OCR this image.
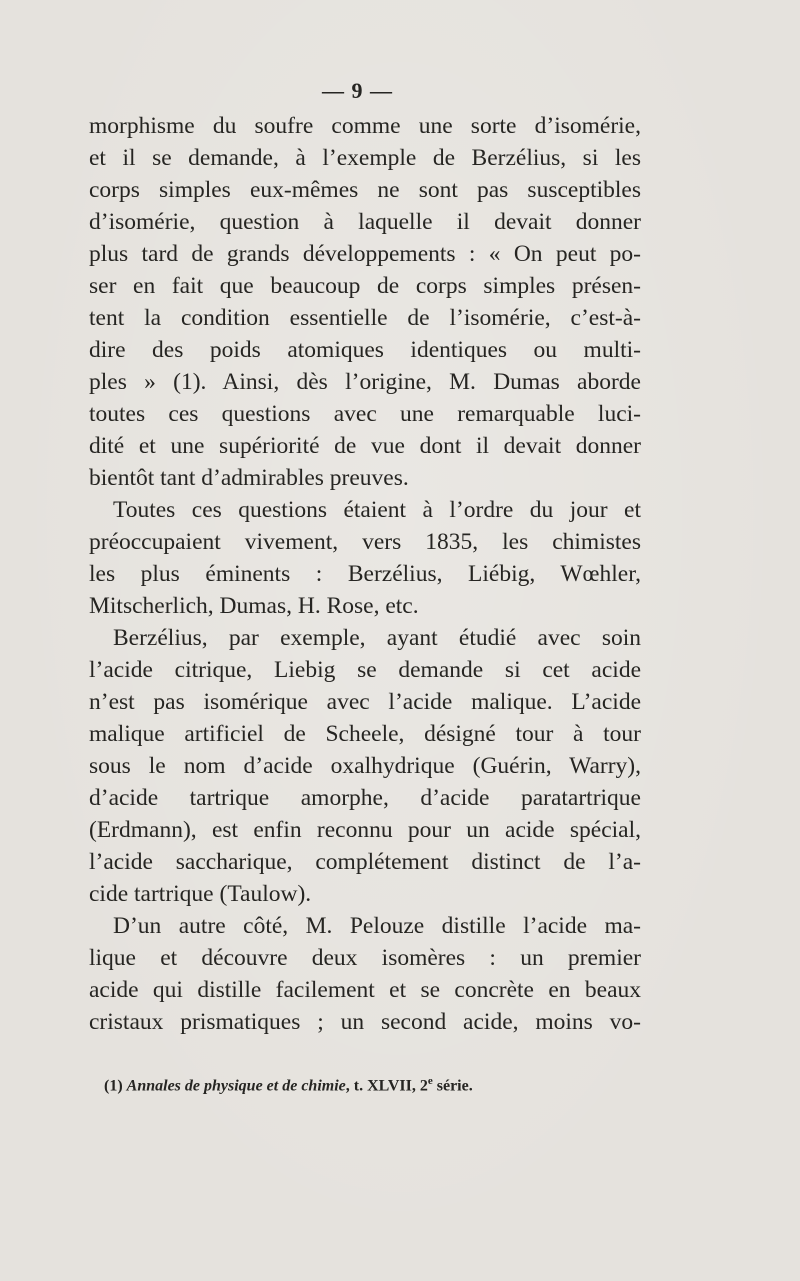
— 9 —
morphisme du soufre comme une sorte d’isomérie,
et il se demande, à l’exemple de Berzélius, si les
corps simples eux-mêmes ne sont pas susceptibles
d’isomérie, question à laquelle il devait donner
plus tard de grands développements : « On peut po-
ser en fait que beaucoup de corps simples présen-
tent la condition essentielle de l’isomérie, c’est-à-
dire des poids atomiques identiques ou multi-
ples » (1). Ainsi, dès l’origine, M. Dumas aborde
toutes ces questions avec une remarquable luci-
dité et une supériorité de vue dont il devait donner
bientôt tant d’admirables preuves.
Toutes ces questions étaient à l’ordre du jour et
préoccupaient vivement, vers 1835, les chimistes
les plus éminents : Berzélius, Liébig, Wœhler,
Mitscherlich, Dumas, H. Rose, etc.
Berzélius, par exemple, ayant étudié avec soin
l’acide citrique, Liebig se demande si cet acide
n’est pas isomérique avec l’acide malique. L’acide
malique artificiel de Scheele, désigné tour à tour
sous le nom d’acide oxalhydrique (Guérin, Warry),
d’acide tartrique amorphe, d’acide paratartrique
(Erdmann), est enfin reconnu pour un acide spécial,
l’acide saccharique, complétement distinct de l’a-
cide tartrique (Taulow).
D’un autre côté, M. Pelouze distille l’acide ma-
lique et découvre deux isomères : un premier
acide qui distille facilement et se concrète en beaux
cristaux prismatiques ; un second acide, moins vo-
(1) Annales de physique et de chimie, t. XLVII, 2e série.
